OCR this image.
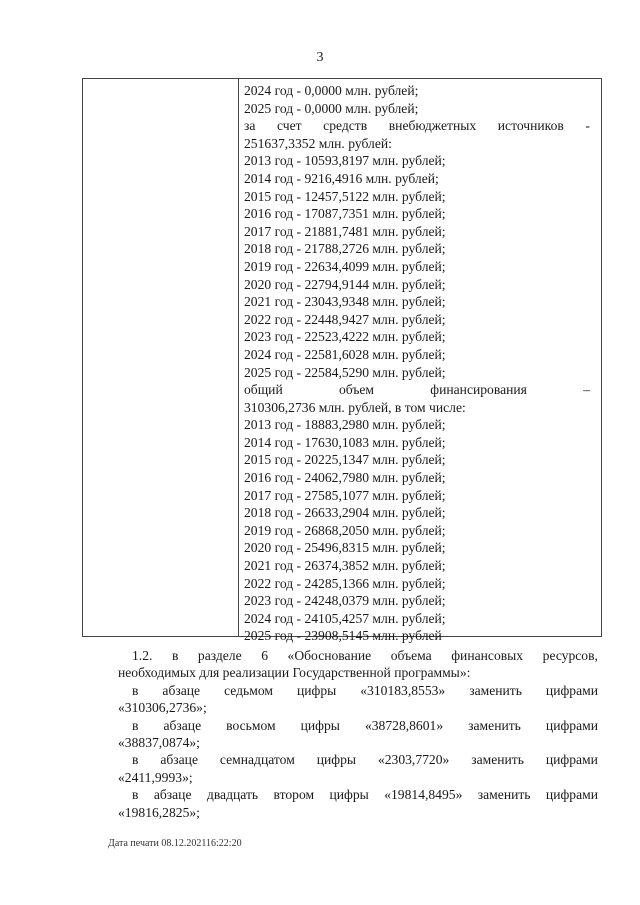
3
2024 год - 0,0000 млн. рублей;
2025 год - 0,0000 млн. рублей;
за счет средств внебюджетных источников -
251637,3352 млн. рублей:
2013 год - 10593,8197 млн. рублей;
2014 год - 9216,4916 млн. рублей;
2015 год - 12457,5122 млн. рублей;
2016 год - 17087,7351 млн. рублей;
2017 год - 21881,7481 млн. рублей;
2018 год - 21788,2726 млн. рублей;
2019 год - 22634,4099 млн. рублей;
2020 год - 22794,9144 млн. рублей;
2021 год - 23043,9348 млн. рублей;
2022 год - 22448,9427 млн. рублей;
2023 год - 22523,4222 млн. рублей;
2024 год - 22581,6028 млн. рублей;
2025 год - 22584,5290 млн. рублей;
общий	объем	финансирования	–
310306,2736 млн. рублей, в том числе:
2013 год - 18883,2980 млн. рублей;
2014 год - 17630,1083 млн. рублей;
2015 год - 20225,1347 млн. рублей;
2016 год - 24062,7980 млн. рублей;
2017 год - 27585,1077 млн. рублей;
2018 год - 26633,2904 млн. рублей;
2019 год - 26868,2050 млн. рублей;
2020 год - 25496,8315 млн. рублей;
2021 год - 26374,3852 млн. рублей;
2022 год - 24285,1366 млн. рублей;
2023 год - 24248,0379 млн. рублей;
2024 год - 24105,4257 млн. рублей;
2025 год - 23908,5145 млн. рублей
1.2. в разделе 6 «Обоснование объема финансовых ресурсов,
необходимых для реализации Государственной программы»:
в абзаце седьмом цифры «310183,8553» заменить цифрами
«310306,2736»;
в абзаце восьмом цифры «38728,8601» заменить цифрами
«38837,0874»;
в абзаце семнадцатом цифры «2303,7720» заменить цифрами
«2411,9993»;
в абзаце двадцать втором цифры «19814,8495» заменить цифрами
«19816,2825»;
Дата печати 08.12.202116:22:20
